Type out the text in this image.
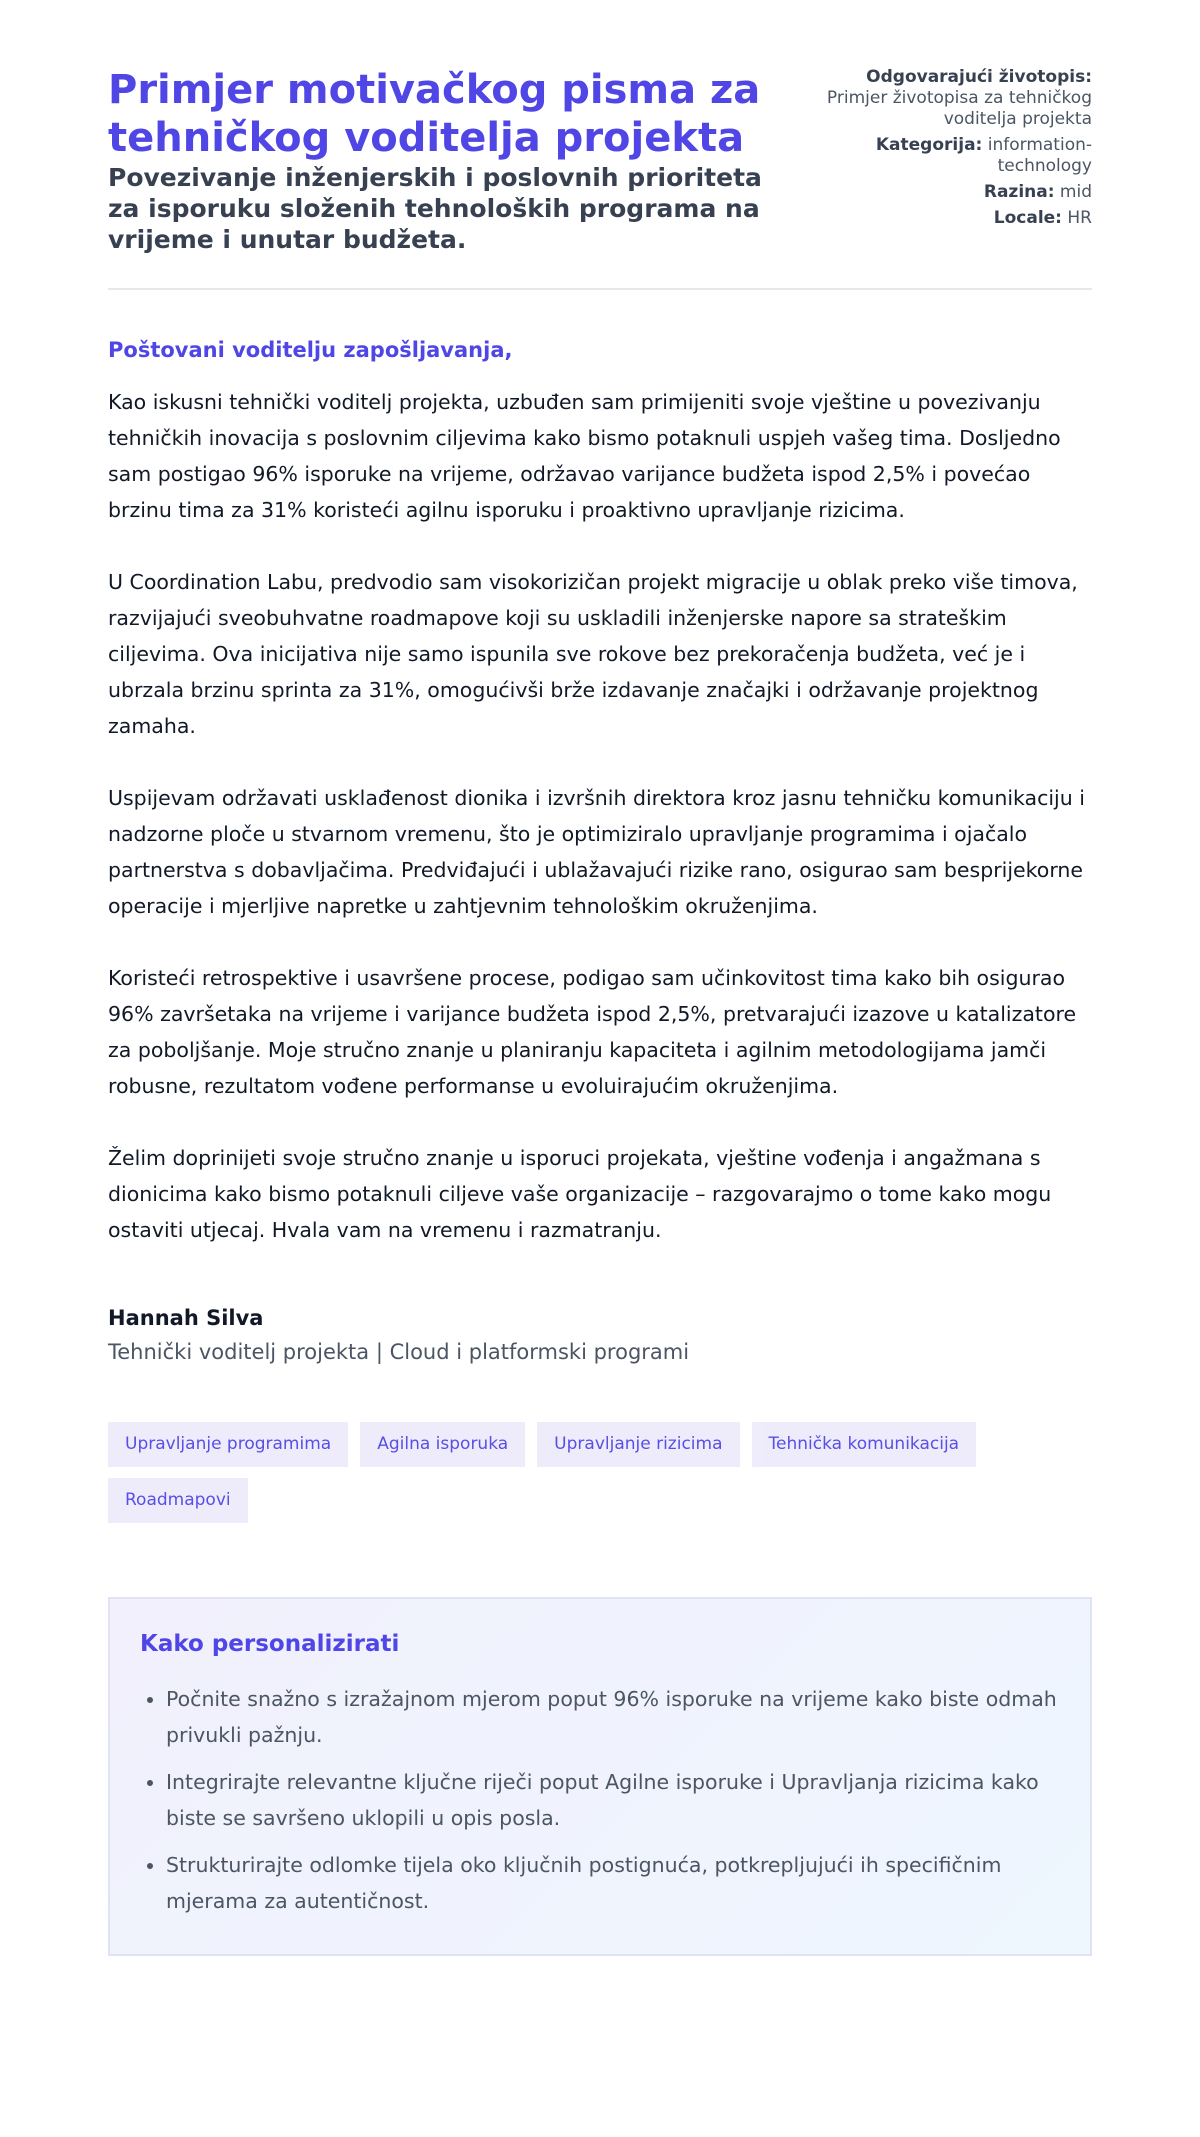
Primjer motivačkog pisma za tehničkog voditelja projekta
Povezivanje inženjerskih i poslovnih prioriteta za isporuku složenih tehnoloških programa na vrijeme i unutar budžeta.
Odgovarajući životopis: Primjer životopisa za tehničkog voditelja projekta
Kategorija: information-technology
Razina: mid
Locale: HR
Poštovani voditelju zapošljavanja,

Kao iskusni tehnički voditelj projekta, uzbuđen sam primijeniti svoje vještine u povezivanju tehničkih inovacija s poslovnim ciljevima kako bismo potaknuli uspjeh vašeg tima. Dosljedno sam postigao 96% isporuke na vrijeme, održavao varijance budžeta ispod 2,5% i povećao brzinu tima za 31% koristeći agilnu isporuku i proaktivno upravljanje rizicima.

U Coordination Labu, predvodio sam visokorizičan projekt migracije u oblak preko više timova, razvijajući sveobuhvatne roadmapove koji su uskladili inženjerske napore sa strateškim ciljevima. Ova inicijativa nije samo ispunila sve rokove bez prekoračenja budžeta, već je i ubrzala brzinu sprinta za 31%, omogućivši brže izdavanje značajki i održavanje projektnog zamaha.

Uspijevam održavati usklađenost dionika i izvršnih direktora kroz jasnu tehničku komunikaciju i nadzorne ploče u stvarnom vremenu, što je optimiziralo upravljanje programima i ojačalo partnerstva s dobavljačima. Predviđajući i ublažavajući rizike rano, osigurao sam besprijekorne operacije i mjerljive napretke u zahtjevnim tehnološkim okruženjima.

Koristeći retrospektive i usavršene procese, podigao sam učinkovitost tima kako bih osigurao 96% završetaka na vrijeme i varijance budžeta ispod 2,5%, pretvarajući izazove u katalizatore za poboljšanje. Moje stručno znanje u planiranju kapaciteta i agilnim metodologijama jamči robusne, rezultatom vođene performanse u evoluirajućim okruženjima.

Želim doprinijeti svoje stručno znanje u isporuci projekata, vještine vođenja i angažmana s dionicima kako bismo potaknuli ciljeve vaše organizacije – razgovarajmo o tome kako mogu ostaviti utjecaj. Hvala vam na vremenu i razmatranju.

Hannah Silva
Tehnički voditelj projekta | Cloud i platformski programi
Upravljanje programima	Agilna isporuka	Upravljanje rizicima	Tehnička komunikacija
Roadmapovi
Kako personalizirati
• Počnite snažno s izražajnom mjerom poput 96% isporuke na vrijeme kako biste odmah privukli pažnju.
• Integrirajte relevantne ključne riječi poput Agilne isporuke i Upravljanja rizicima kako biste se savršeno uklopili u opis posla.
• Strukturirajte odlomke tijela oko ključnih postignuća, potkrepljujući ih specifičnim mjerama za autentičnost.
